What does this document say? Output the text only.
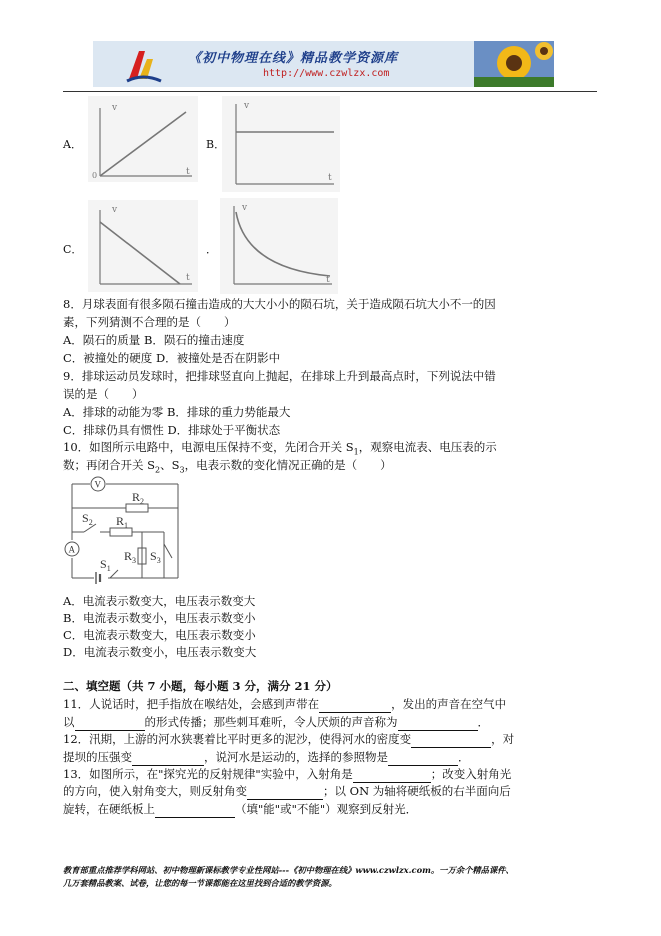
《初中物理在线》精品教学资源库
http://www.czwlzx.com
A．
v
t
0
B．
v
t
C．
v
t
．
v
t
8．月球表面有很多陨石撞击造成的大大小小的陨石坑，关于造成陨石坑大小不一的因
素，下列猜测不合理的是（　　）
A．陨石的质量 B．陨石的撞击速度
C．被撞处的硬度 D．被撞处是否在阴影中
9．排球运动员发球时，把排球竖直向上抛起，在排球上升到最高点时，下列说法中错
误的是（　　）
A．排球的动能为零 B．排球的重力势能最大
C．排球仍具有惯性 D．排球处于平衡状态
10．如图所示电路中，电源电压保持不变，先闭合开关 $S_1$，观察电流表、电压表的示
数；再闭合开关 $S_2$、$S_3$，电表示数的变化情况正确的是（　　）
V
A
$R_2$
$R_1$
$R_3$
$S_2$
$S_1$
$S_3$
A．电流表示数变大，电压表示数变大
B．电流表示数变小，电压表示数变小
C．电流表示数变大，电压表示数变小
D．电流表示数变小，电压表示数变大
二、填空题（共 7 小题，每小题 3 分，满分 21 分）
11．人说话时，把手指放在喉结处，会感到声带在	，发出的声音在空气中
以	的形式传播；那些刺耳难听，令人厌烦的声音称为	．
12．汛期，上游的河水狭裹着比平时更多的泥沙，使得河水的密度变	，对
提坝的压强变	，说河水是运动的，选择的参照物是	．
13．如图所示，在"探究光的反射规律"实验中，入射角是	；改变入射角光
的方向，使入射角变大，则反射角变	；以 ON 为轴将硬纸板的右半面向后
旋转，在硬纸板上	（填"能"或"不能"）观察到反射光．
教育部重点推荐学科网站、初中物理新课标教学专业性网站---《初中物理在线》www.czwlzx.com。一万余个精品课件、
几万套精品教案、试卷，让您的每一节课都能在这里找到合适的教学资源。
